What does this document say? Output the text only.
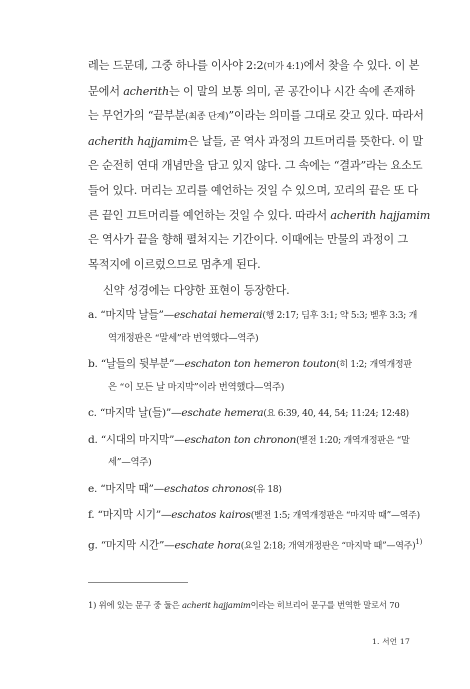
레는 드문데, 그중 하나를 이사야 2:2(미가 4:1)에서 찾을 수 있다. 이 본
문에서 acherith는 이 말의 보통 의미, 곧 공간이나 시간 속에 존재하
는 무언가의 “끝부분(최종 단계)”이라는 의미를 그대로 갖고 있다. 따라서
acherith hajjamim은 날들, 곧 역사 과정의 끄트머리를 뜻한다. 이 말
은 순전히 연대 개념만을 담고 있지 않다. 그 속에는 “결과”라는 요소도
들어 있다. 머리는 꼬리를 예언하는 것일 수 있으며, 꼬리의 끝은 또 다
른 끝인 끄트머리를 예언하는 것일 수 있다. 따라서 acherith hajjamim
은 역사가 끝을 향해 펼쳐지는 기간이다. 이때에는 만물의 과정이 그
목적지에 이르렀으므로 멈추게 된다.
신약 성경에는 다양한 표현이 등장한다.
a. “마지막 날들”—eschatai hemerai(행 2:17; 딤후 3:1; 약 5:3; 벧후 3:3; 개
역개정판은 “말세”라 번역했다—역주)
b. “날들의 뒷부분”—eschaton ton hemeron touton(히 1:2; 개역개정판
은 “이 모든 날 마지막”이라 번역했다—역주)
c. “마지막 날(들)”—eschate hemera(요 6:39, 40, 44, 54; 11:24; 12:48)
d. “시대의 마지막”—eschaton ton chronon(벧전 1:20; 개역개정판은 “말
세”—역주)
e. “마지막 때”—eschatos chronos(유 18)
f. “마지막 시기”—eschatos kairos(벧전 1:5; 개역개정판은 “마지막 때”—역주)
g. “마지막 시간”—eschate hora(요일 2:18; 개역개정판은 “마지막 때”—역주)$^{1)}$
1) 위에 있는 문구 중 둘은 acherit hajjamim이라는 히브리어 문구를 번역한 말로서 70
1. 서언 17
